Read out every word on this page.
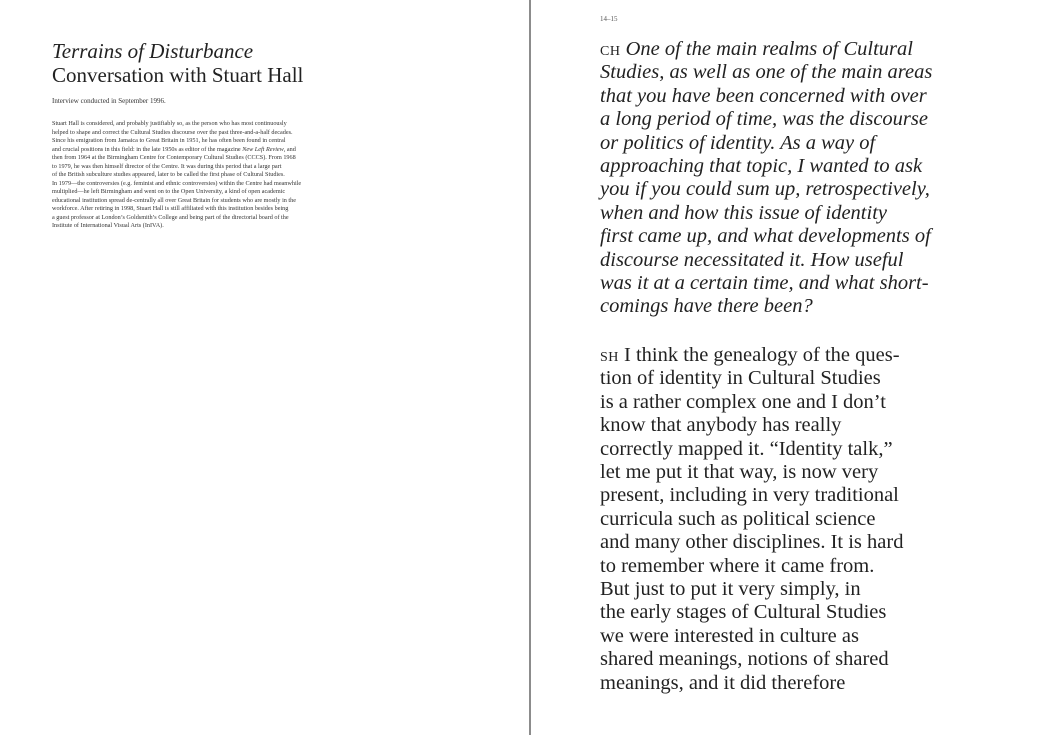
Terrains of Disturbance
Conversation with Stuart Hall

Interview conducted in September 1996.

Stuart Hall is considered, and probably justifiably so, as the person who has most continuously
helped to shape and correct the Cultural Studies discourse over the past three-and-a-half decades.
Since his emigration from Jamaica to Great Britain in 1951, he has often been found in central
and crucial positions in this field: in the late 1950s as editor of the magazine New Left Review, and
then from 1964 at the Birmingham Centre for Contemporary Cultural Studies (CCCS). From 1968
to 1979, he was then himself director of the Centre. It was during this period that a large part
of the British subculture studies appeared, later to be called the first phase of Cultural Studies.
In 1979—the controversies (e.g. feminist and ethnic controversies) within the Centre had meanwhile
multiplied—he left Birmingham and went on to the Open University, a kind of open academic
educational institution spread de-centrally all over Great Britain for students who are mostly in the
workforce. After retiring in 1998, Stuart Hall is still affiliated with this institution besides being
a guest professor at London’s Goldsmith’s College and being part of the directorial board of the
Institute of International Visual Arts (InIVA).

14–15

ch One of the main realms of Cultural
Studies, as well as one of the main areas
that you have been concerned with over
a long period of time, was the discourse
or politics of identity. As a way of
approaching that topic, I wanted to ask
you if you could sum up, retrospectively,
when and how this issue of identity
first came up, and what developments of
discourse necessitated it. How useful
was it at a certain time, and what short-
comings have there been?

sh I think the genealogy of the ques-
tion of identity in Cultural Studies
is a rather complex one and I don’t
know that anybody has really
correctly mapped it. “Identity talk,”
let me put it that way, is now very
present, including in very traditional
curricula such as political science
and many other disciplines. It is hard
to remember where it came from.
But just to put it very simply, in
the early stages of Cultural Studies
we were interested in culture as
shared meanings, notions of shared
meanings, and it did therefore
